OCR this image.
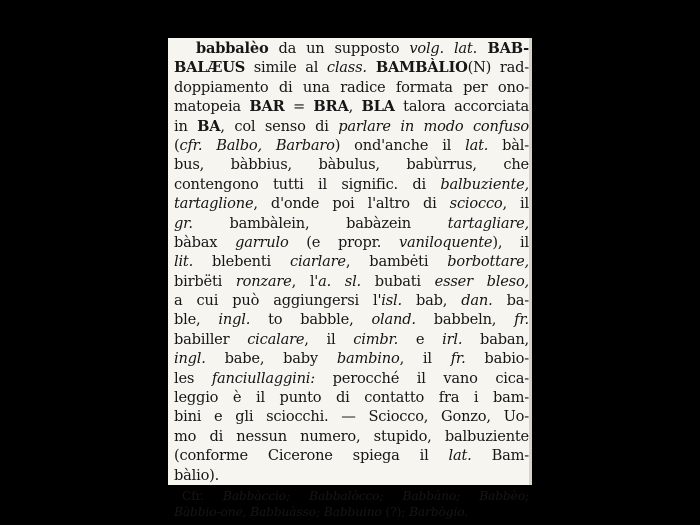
babbalèo da un supposto volg. lat. BAB-
BALÆUS simile al class. BAMBÀLIO(N) rad-
doppiamento di una radice formata per ono-
matopeia BAR = BRA, BLA talora accorciata
in BA, col senso di parlare in modo confuso
(cfr. Balbo, Barbaro) ond'anche il lat. bàl-
bus, bàbbius, bàbulus, babùrrus, che
contengono tutti il signific. di balbuziente,
tartaglione, d'onde poi l'altro di sciocco, il
gr. bambàlein, babàzein tartagliare,
bàbax garrulo (e propr. vaniloquente), il
lit. blebenti ciarlare, bambėti borbottare,
birbëti ronzare, l'a. sl. bubati esser bleso,
a cui può aggiungersi l'isl. bab, dan. ba-
ble, ingl. to babble, oland. babbeln, fr.
babiller cicalare, il cimbr. e irl. baban,
ingl. babe, baby bambino, il fr. babio-
les fanciullaggini: perocché il vano cica-
leggio è il punto di contatto fra i bam-
bini e gli sciocchi. — Sciocco, Gonzo, Uo-
mo di nessun numero, stupido, balbuziente
(conforme Cicerone spiega il lat. Bam-
bàlio).
Cfr. Babbàccio; Babbalòcco; Babbàno; Babbèo;
Bàbbio-one, Babbuàsso; Babbuino (?); Barbògio.
